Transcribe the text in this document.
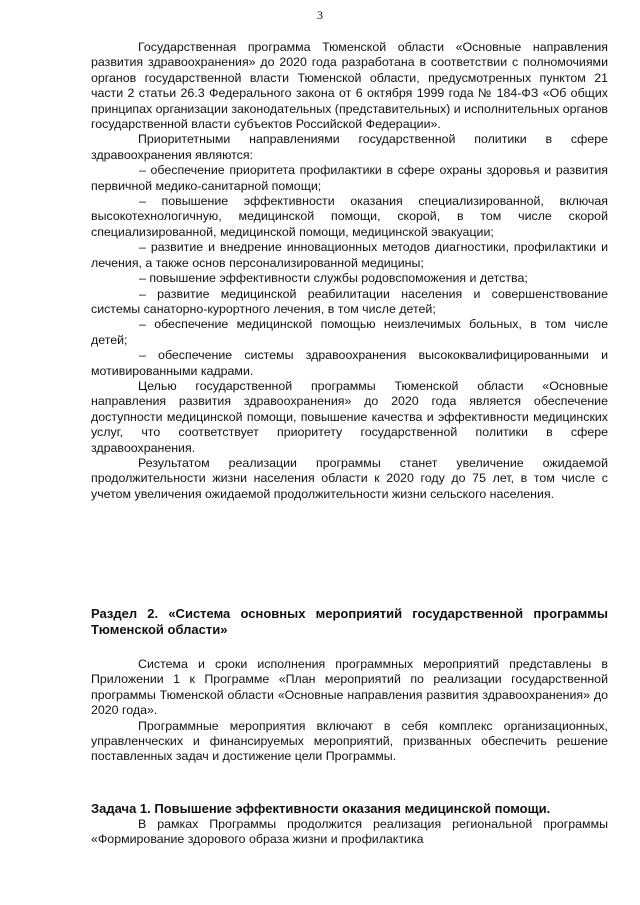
3

Государственная программа Тюменской области «Основные направления развития здравоохранения» до 2020 года разработана в соответствии с полномочиями органов государственной власти Тюменской области, предусмотренных пунктом 21 части 2 статьи 26.3 Федерального закона от 6 октября 1999 года № 184-ФЗ «Об общих принципах организации законодательных (представительных) и исполнительных органов государственной власти субъектов Российской Федерации».

Приоритетными направлениями государственной политики в сфере здравоохранения являются:

– обеспечение приоритета профилактики в сфере охраны здоровья и развития первичной медико-санитарной помощи;

– повышение эффективности оказания специализированной, включая высокотехнологичную, медицинской помощи, скорой, в том числе скорой специализированной, медицинской помощи, медицинской эвакуации;

– развитие и внедрение инновационных методов диагностики, профилактики и лечения, а также основ персонализированной медицины;

– повышение эффективности службы родовспоможения и детства;

– развитие медицинской реабилитации населения и совершенствование системы санаторно-курортного лечения, в том числе детей;

– обеспечение медицинской помощью неизлечимых больных, в том числе детей;

– обеспечение системы здравоохранения высококвалифицированными и мотивированными кадрами.

Целью государственной программы Тюменской области «Основные направления развития здравоохранения» до 2020 года является обеспечение доступности медицинской помощи, повышение качества и эффективности медицинских услуг, что соответствует приоритету государственной политики в сфере здравоохранения.

Результатом реализации программы станет увеличение ожидаемой продолжительности жизни населения области к 2020 году до 75 лет, в том числе с учетом увеличения ожидаемой продолжительности жизни сельского населения.

Раздел 2. «Система основных мероприятий государственной программы Тюменской области»

Система и сроки исполнения программных мероприятий представлены в Приложении 1 к Программе «План мероприятий по реализации государственной программы Тюменской области «Основные направления развития здравоохранения» до 2020 года».

Программные мероприятия включают в себя комплекс организационных, управленческих и финансируемых мероприятий, призванных обеспечить решение поставленных задач и достижение цели Программы.

Задача 1. Повышение эффективности оказания медицинской помощи.

В рамках Программы продолжится реализация региональной программы «Формирование здорового образа жизни и профилактика
